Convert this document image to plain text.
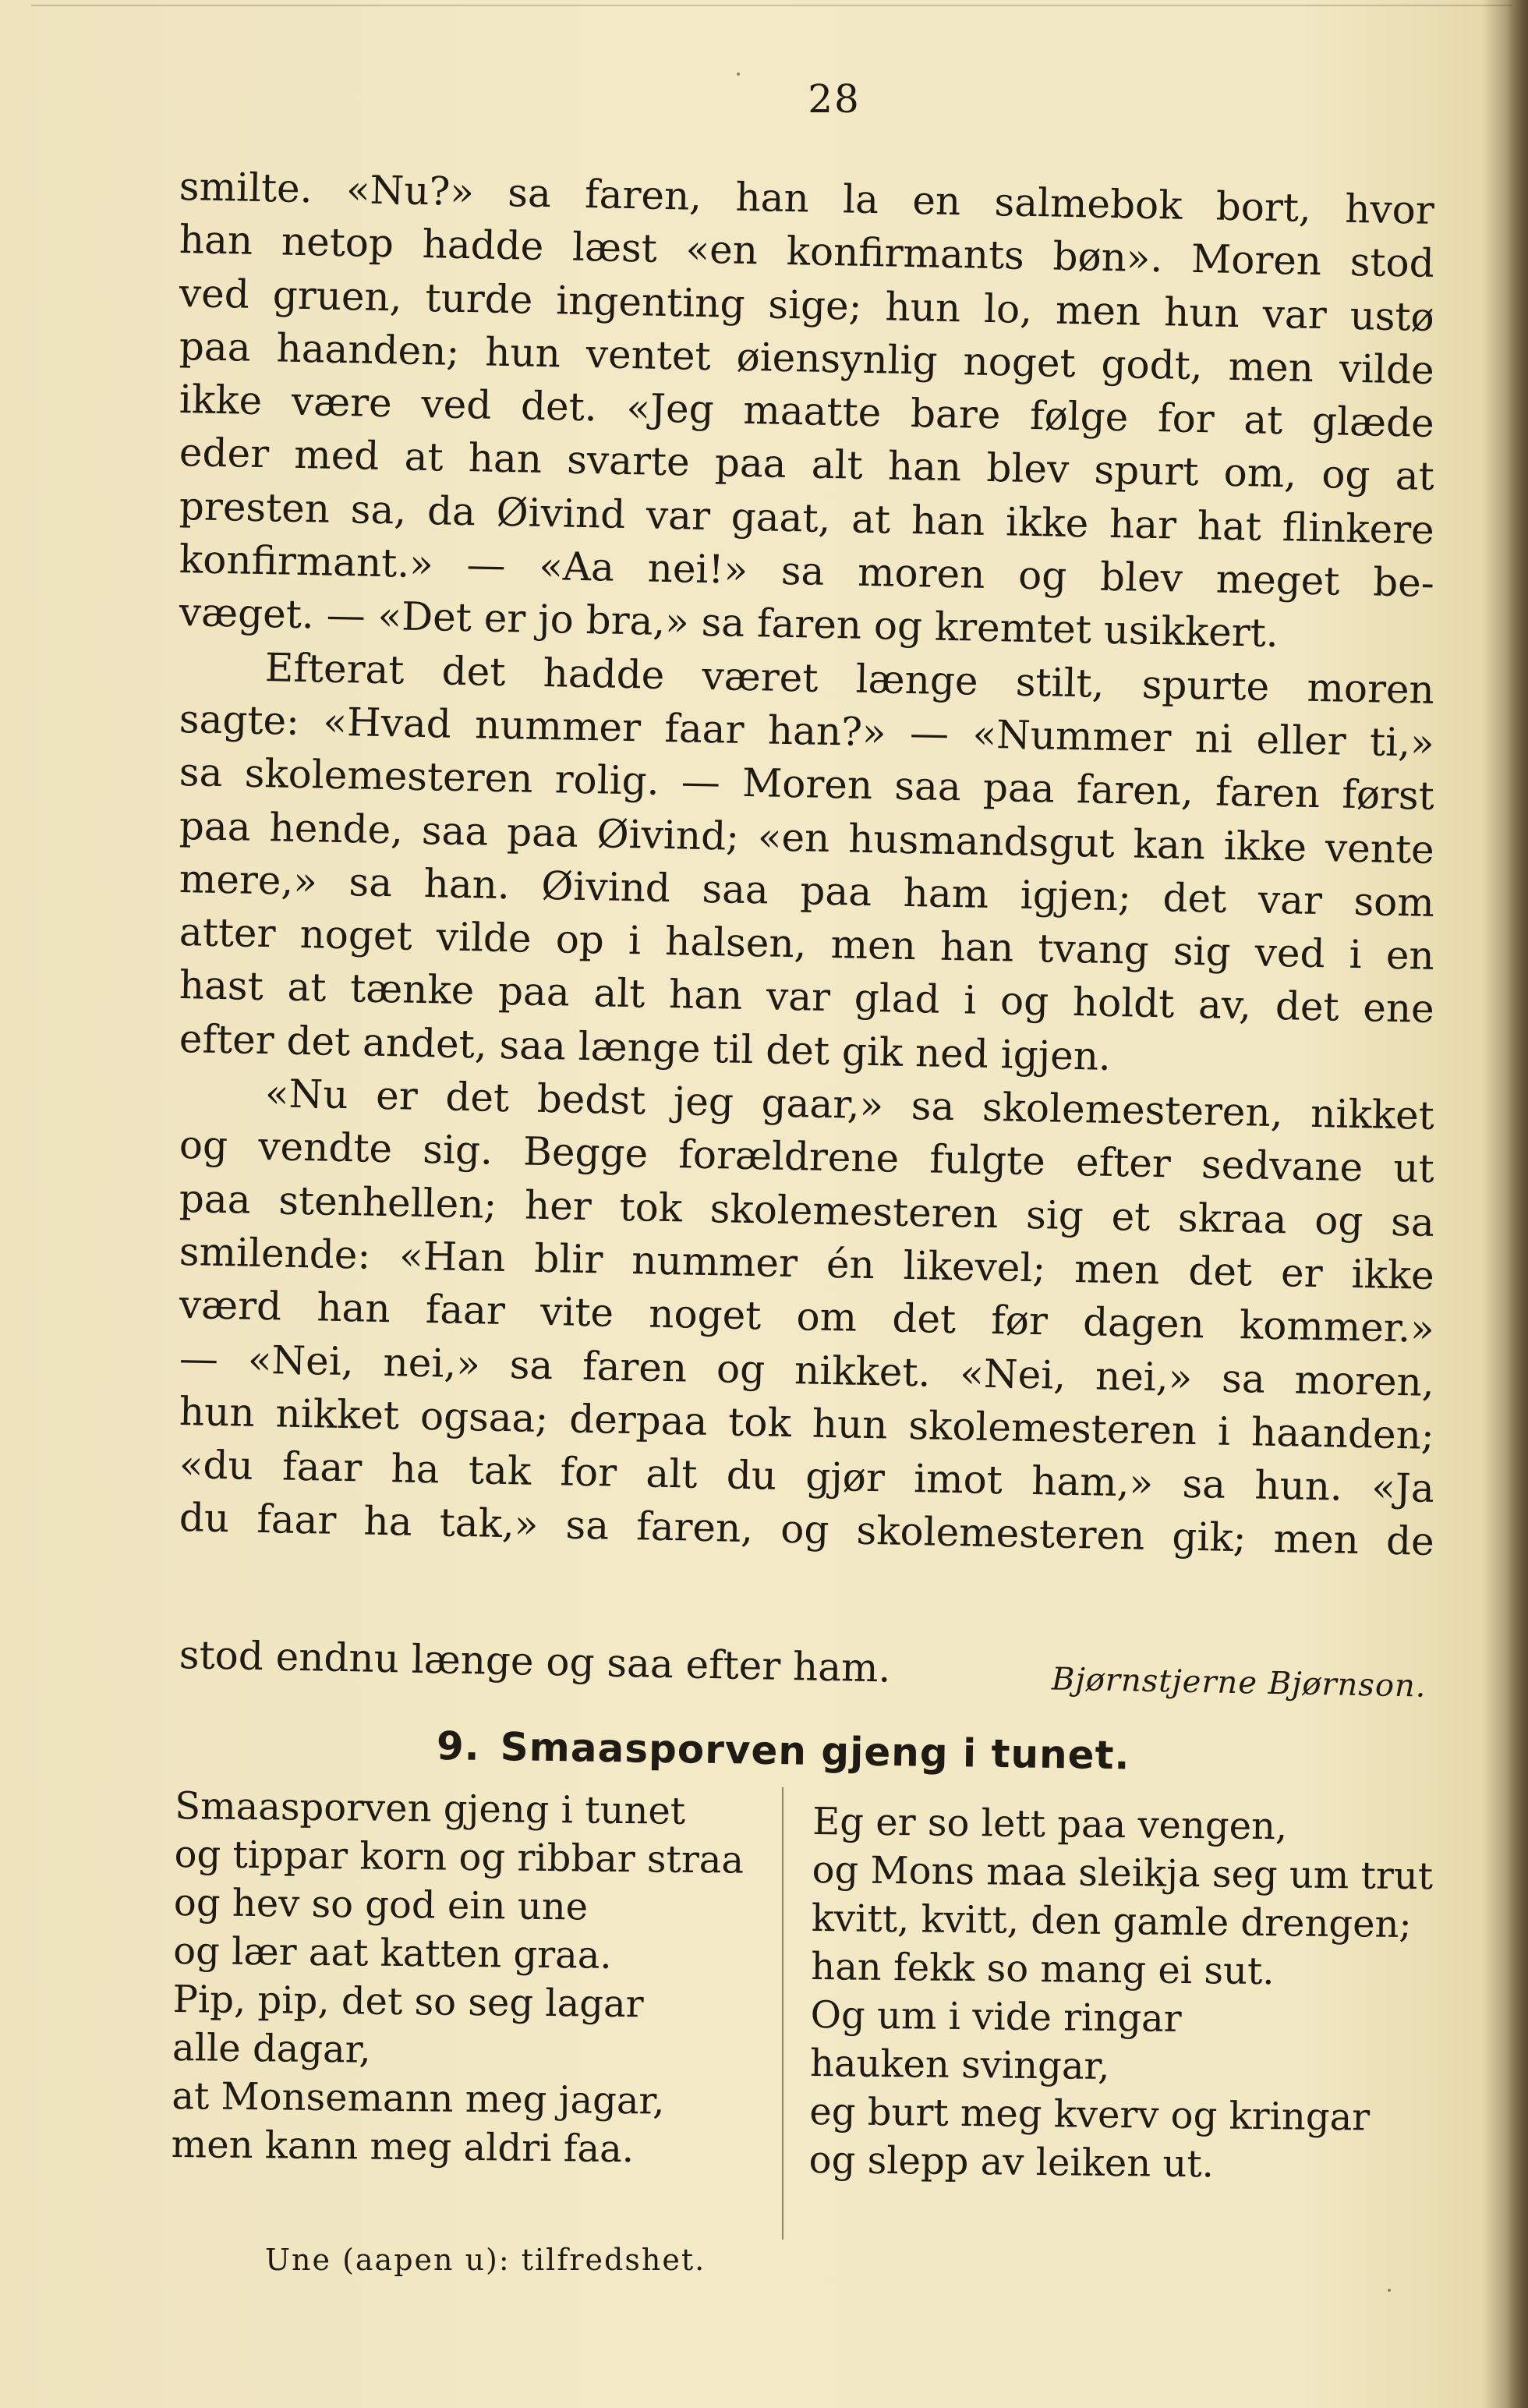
28
smilte. «Nu?» sa faren, han la en salmebok bort, hvor
han netop hadde læst «en konfirmants bøn». Moren stod
ved gruen, turde ingenting sige; hun lo, men hun var ustø
paa haanden; hun ventet øiensynlig noget godt, men vilde
ikke være ved det. «Jeg maatte bare følge for at glæde
eder med at han svarte paa alt han blev spurt om, og at
presten sa, da Øivind var gaat, at han ikke har hat flinkere
konfirmant.» — «Aa nei!» sa moren og blev meget be-
væget. — «Det er jo bra,» sa faren og kremtet usikkert.
Efterat det hadde været længe stilt, spurte moren
sagte: «Hvad nummer faar han?» — «Nummer ni eller ti,»
sa skolemesteren rolig. — Moren saa paa faren, faren først
paa hende, saa paa Øivind; «en husmandsgut kan ikke vente
mere,» sa han. Øivind saa paa ham igjen; det var som
atter noget vilde op i halsen, men han tvang sig ved i en
hast at tænke paa alt han var glad i og holdt av, det ene
efter det andet, saa længe til det gik ned igjen.
«Nu er det bedst jeg gaar,» sa skolemesteren, nikket
og vendte sig. Begge forældrene fulgte efter sedvane ut
paa stenhellen; her tok skolemesteren sig et skraa og sa
smilende: «Han blir nummer én likevel; men det er ikke
værd han faar vite noget om det før dagen kommer.»
— «Nei, nei,» sa faren og nikket. «Nei, nei,» sa moren,
hun nikket ogsaa; derpaa tok hun skolemesteren i haanden;
«du faar ha tak for alt du gjør imot ham,» sa hun. «Ja
du faar ha tak,» sa faren, og skolemesteren gik; men de
stod endnu længe og saa efter ham.	Bjørnstjerne Bjørnson.
9. Smaasporven gjeng i tunet.
Smaasporven gjeng i tunet
og tippar korn og ribbar straa
og hev so god ein une
og lær aat katten graa.
Pip, pip, det so seg lagar
alle dagar,
at Monsemann meg jagar,
men kann meg aldri faa.
Eg er so lett paa vengen,
og Mons maa sleikja seg um trut
kvitt, kvitt, den gamle drengen;
han fekk so mang ei sut.
Og um i vide ringar
hauken svingar,
eg burt meg kverv og kringar
og slepp av leiken ut.
Une (aapen u): tilfredshet.
